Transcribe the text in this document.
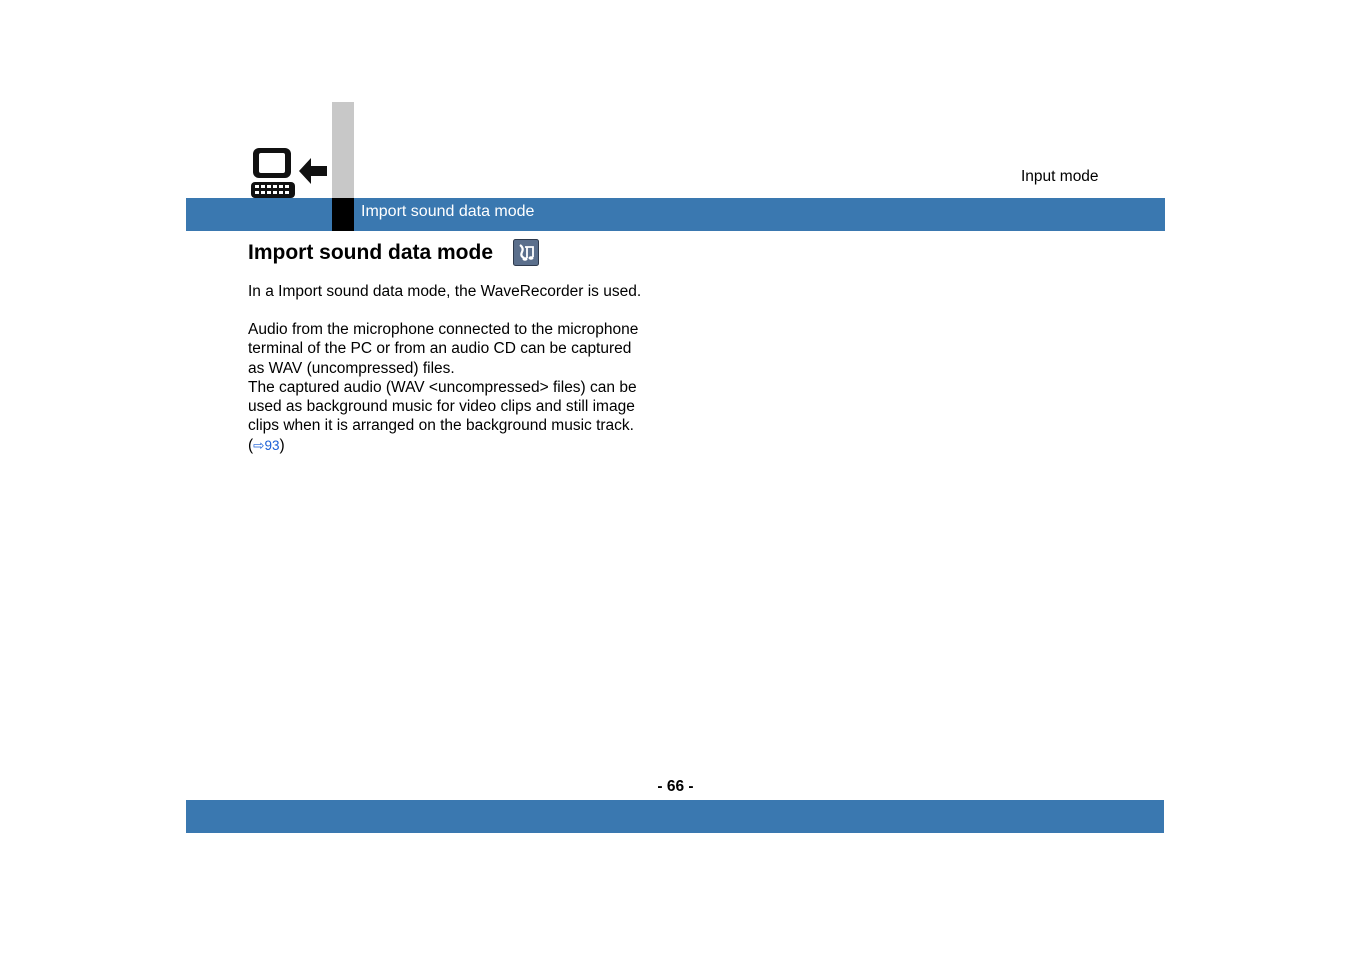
Input mode
Import sound data mode
Import sound data mode

In a Import sound data mode, the WaveRecorder is used.

Audio from the microphone connected to the microphone
terminal of the PC or from an audio CD can be captured
as WAV (uncompressed) files.
The captured audio (WAV <uncompressed> files) can be
used as background music for video clips and still image
clips when it is arranged on the background music track.
(⇨93)

- 66 -
